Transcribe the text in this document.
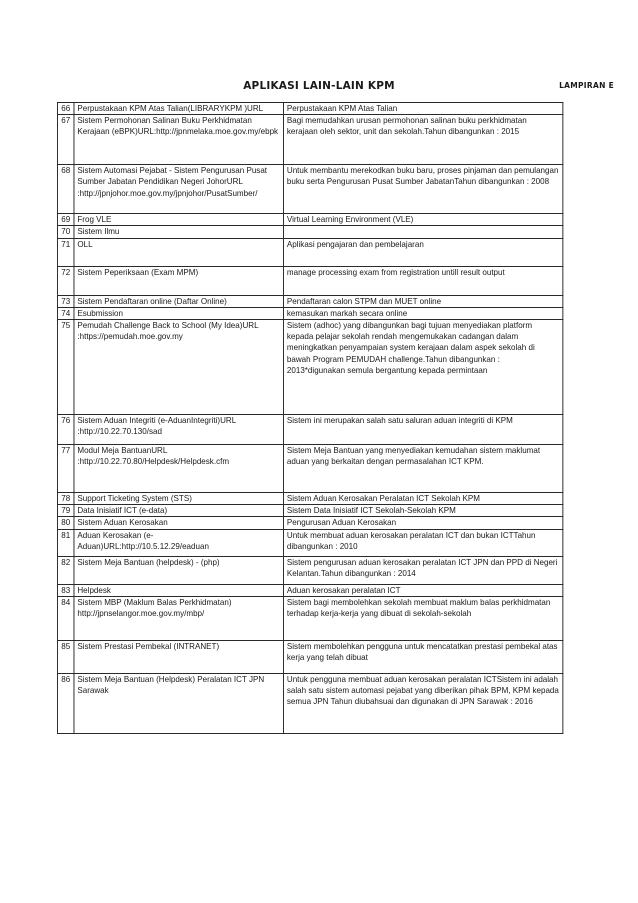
APLIKASI LAIN-LAIN KPM	LAMPIRAN E
66	Perpustakaan KPM Atas Talian(LIBRARYKPM )URL	Perpustakaan KPM Atas Talian
67	Sistem Permohonan Salinan Buku Perkhidmatan Kerajaan (eBPK)URL:http://jpnmelaka.moe.gov.my/ebpk	Bagi memudahkan urusan permohonan salinan buku perkhidmatan kerajaan oleh sektor, unit dan sekolah.Tahun dibangunkan : 2015
68	Sistem Automasi Pejabat - Sistem Pengurusan Pusat Sumber Jabatan Pendidikan Negeri JohorURL :http://jpnjohor.moe.gov.my/jpnjohor/PusatSumber/	Untuk membantu merekodkan buku baru, proses pinjaman dan pemulangan buku serta Pengurusan Pusat Sumber JabatanTahun dibangunkan : 2008
69	Frog VLE	Virtual Learning Environment (VLE)
70	Sistem Ilmu	
71	OLL	Aplikasi pengajaran dan pembelajaran
72	Sistem Peperiksaan (Exam MPM)	manage processing exam from registration untill result output
73	Sistem Pendaftaran online (Daftar Online)	Pendaftaran calon STPM dan MUET online
74	Esubmission	kemasukan markah secara online
75	Pemudah Challenge Back to School (My Idea)URL :https://pemudah.moe.gov.my	Sistem (adhoc) yang dibangunkan bagi tujuan menyediakan platform kepada pelajar sekolah rendah mengemukakan cadangan dalam meningkatkan penyampaian system kerajaan dalam aspek sekolah di bawah Program PEMUDAH challenge.Tahun dibangunkan : 2013*digunakan semula bergantung kepada permintaan
76	Sistem Aduan Integriti (e-AduanIntegriti)URL :http://10.22.70.130/sad	Sistem ini merupakan salah satu saluran aduan integriti di KPM
77	Modul Meja BantuanURL :http://10.22.70.80/Helpdesk/Helpdesk.cfm	Sistem Meja Bantuan yang menyediakan kemudahan sistem maklumat aduan yang berkaitan dengan permasalahan ICT KPM.
78	Support Ticketing System (STS)	Sistem Aduan Kerosakan Peralatan ICT Sekolah KPM
79	Data Inisiatif ICT (e-data)	Sistem Data Inisiatif ICT Sekolah-Sekolah KPM
80	Sistem Aduan Kerosakan	Pengurusan Aduan Kerosakan
81	Aduan Kerosakan (e-Aduan)URL:http://10.5.12.29/eaduan	Untuk membuat aduan kerosakan peralatan ICT dan bukan ICTTahun dibangunkan : 2010
82	Sistem Meja Bantuan (helpdesk) - (php)	Sistem pengurusan aduan kerosakan peralatan ICT JPN dan PPD di Negeri Kelantan.Tahun dibangunkan : 2014
83	Helpdesk	Aduan kerosakan peralatan ICT
84	Sistem MBP (Maklum Balas Perkhidmatan) http://jpnselangor.moe.gov.my/mbp/	Sistem bagi membolehkan sekolah membuat maklum balas perkhidmatan terhadap kerja-kerja yang dibuat di sekolah-sekolah
85	Sistem Prestasi Pembekal (INTRANET)	Sistem membolehkan pengguna untuk mencatatkan prestasi pembekal atas kerja yang telah dibuat
86	Sistem Meja Bantuan (Helpdesk) Peralatan ICT JPN Sarawak	Untuk pengguna membuat aduan kerosakan peralatan ICTSistem ini adalah salah satu sistem automasi pejabat yang diberikan pihak BPM, KPM kepada semua JPN Tahun diubahsuai dan digunakan di JPN Sarawak : 2016
